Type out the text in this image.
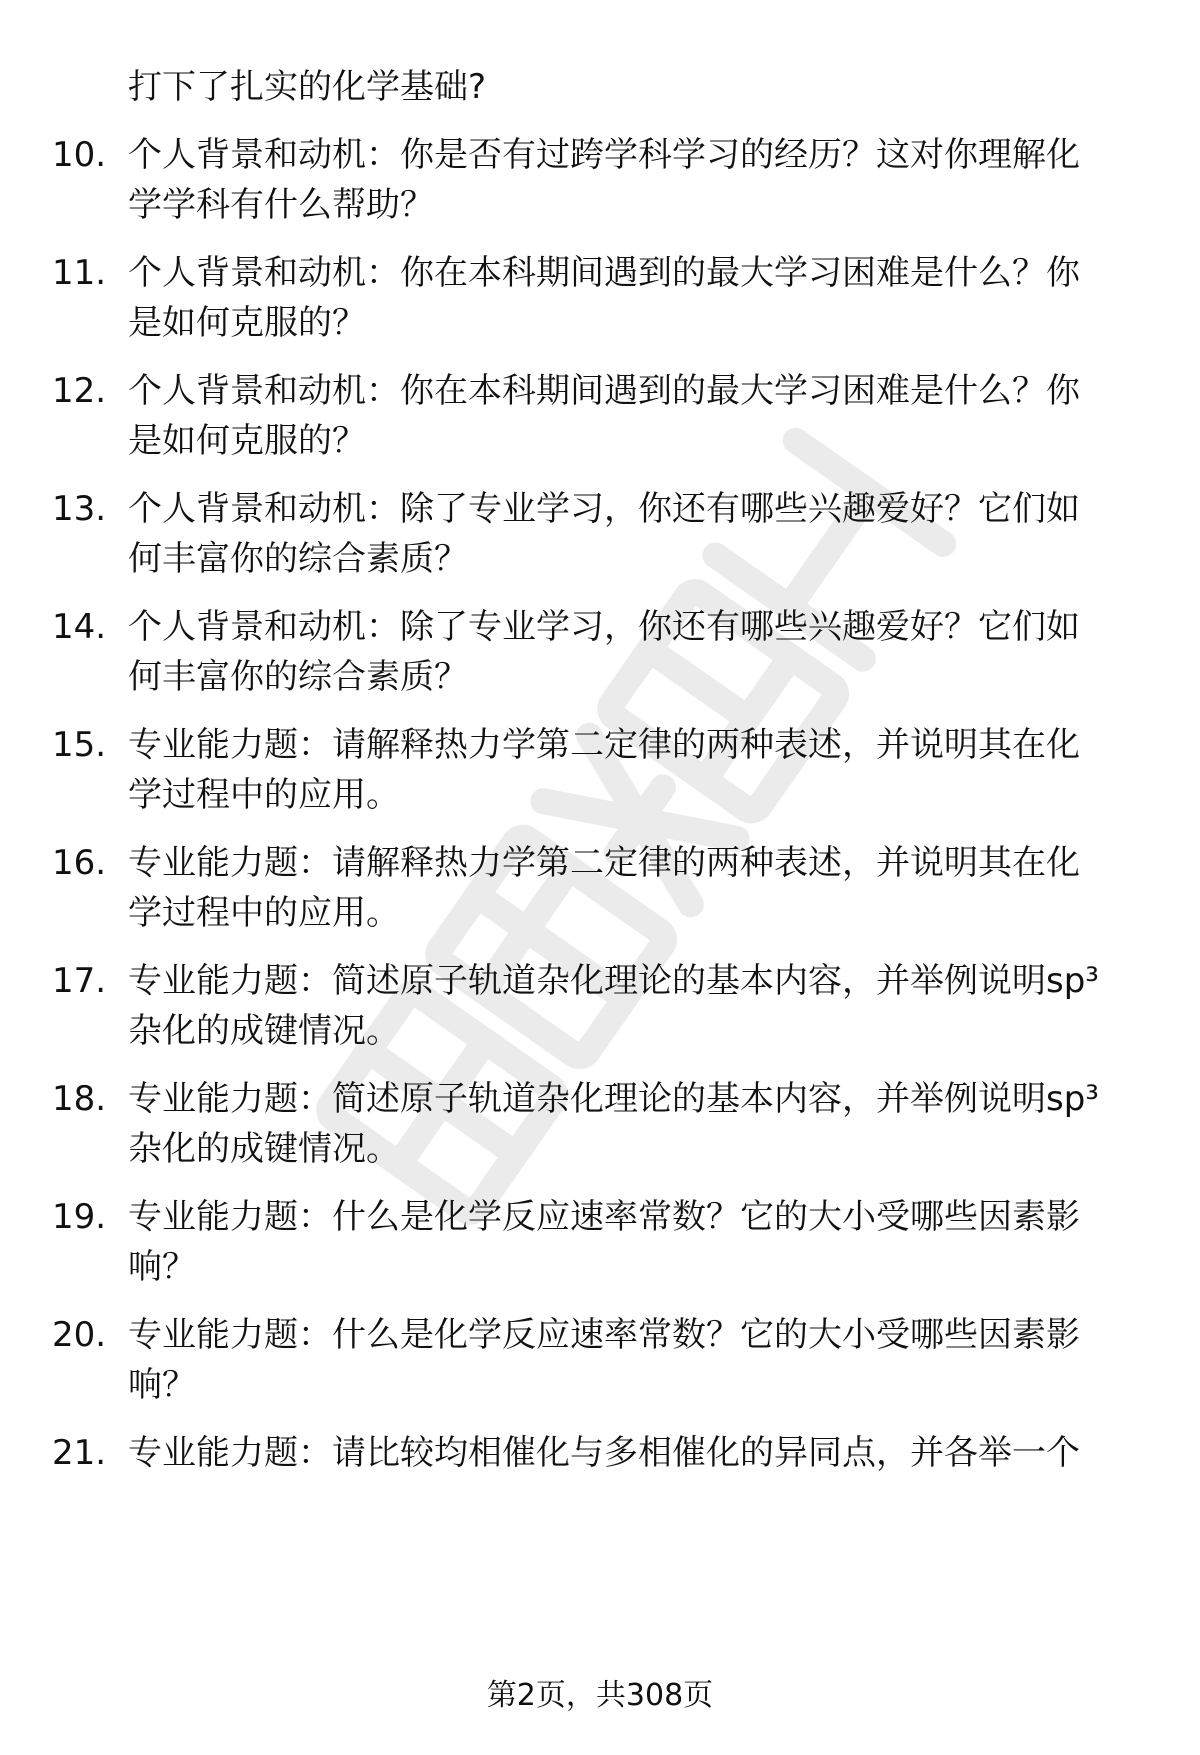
打下了扎实的化学基础?
10. 个人背景和动机：你是否有过跨学科学习的经历？这对你理解化
学学科有什么帮助？
11. 个人背景和动机：你在本科期间遇到的最大学习困难是什么？你
是如何克服的？
12. 个人背景和动机：你在本科期间遇到的最大学习困难是什么？你
是如何克服的？
13. 个人背景和动机：除了专业学习，你还有哪些兴趣爱好？它们如
何丰富你的综合素质？
14. 个人背景和动机：除了专业学习，你还有哪些兴趣爱好？它们如
何丰富你的综合素质？
15. 专业能力题：请解释热力学第二定律的两种表述，并说明其在化
学过程中的应用。
16. 专业能力题：请解释热力学第二定律的两种表述，并说明其在化
学过程中的应用。
17. 专业能力题：简述原子轨道杂化理论的基本内容，并举例说明sp³
杂化的成键情况。
18. 专业能力题：简述原子轨道杂化理论的基本内容，并举例说明sp³
杂化的成键情况。
19. 专业能力题：什么是化学反应速率常数？它的大小受哪些因素影
响？
20. 专业能力题：什么是化学反应速率常数？它的大小受哪些因素影
响？
21. 专业能力题：请比较均相催化与多相催化的异同点，并各举一个
第2页，共308页
